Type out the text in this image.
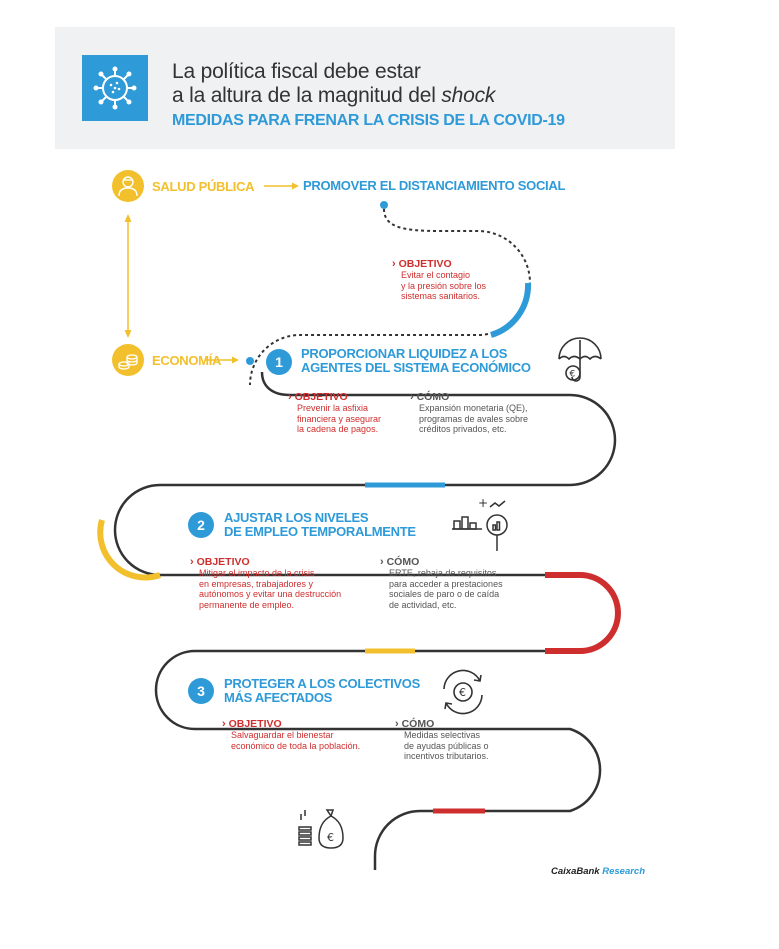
La política fiscal debe estar
a la altura de la magnitud del shock
MEDIDAS PARA FRENAR LA CRISIS DE LA COVID-19
SALUD PÚBLICA	PROMOVER EL DISTANCIAMIENTO SOCIAL
› OBJETIVO
Evitar el contagio
y la presión sobre los
sistemas sanitarios.
ECONOMÍA	1
PROPORCIONAR LIQUIDEZ A LOS
AGENTES DEL SISTEMA ECONÓMICO	€
› OBJETIVO
Prevenir la asfixia
financiera y asegurar
la cadena de pagos.
› CÓMO
Expansión monetaria (QE),
programas de avales sobre
créditos privados, etc.
2	AJUSTAR LOS NIVELES
DE EMPLEO TEMPORALMENTE
+
› OBJETIVO
Mitigar el impacto de la crisis
en empresas, trabajadores y
autónomos y evitar una destrucción
permanente de empleo.
› CÓMO
ERTE, rebaja de requisitos
para acceder a prestaciones
sociales de paro o de caída
de actividad, etc.
3	PROTEGER A LOS COLECTIVOS
MÁS AFECTADOS	€
› OBJETIVO
Salvaguardar el bienestar
económico de toda la población.
› CÓMO
Medidas selectivas
de ayudas públicas o
incentivos tributarios.
€
CaixaBank Research
